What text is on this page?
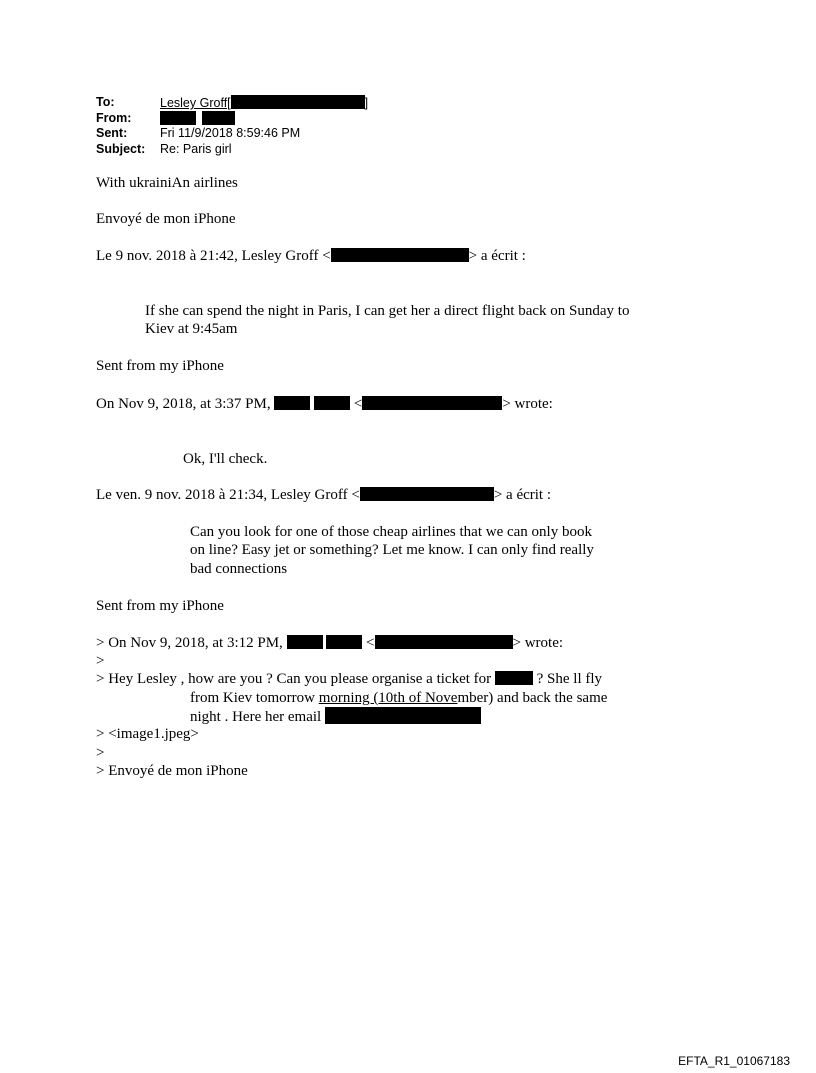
To:	Lesley Groff[	]
From:
Sent:	Fri 11/9/2018 8:59:46 PM
Subject:	Re: Paris girl
With ukrainiAn airlines
Envoyé de mon iPhone
Le 9 nov. 2018 à 21:42, Lesley Groff <	> a écrit :
If she can spend the night in Paris, I can get her a direct flight back on Sunday to
Kiev at 9:45am
Sent from my iPhone
On Nov 9, 2018, at 3:37 PM,	<	> wrote:
Ok, I'll check.
Le ven. 9 nov. 2018 à 21:34, Lesley Groff <	> a écrit :
Can you look for one of those cheap airlines that we can only book
on line? Easy jet or something? Let me know. I can only find really
bad connections
Sent from my iPhone
> On Nov 9, 2018, at 3:12 PM,	<	> wrote:
>
> Hey Lesley , how are you ? Can you please organise a ticket for	? She ll fly
from Kiev tomorrow morning (10th of November) and back the same
night . Here her email
> <image1.jpeg>
>
> Envoyé de mon iPhone
EFTA_R1_01067183
